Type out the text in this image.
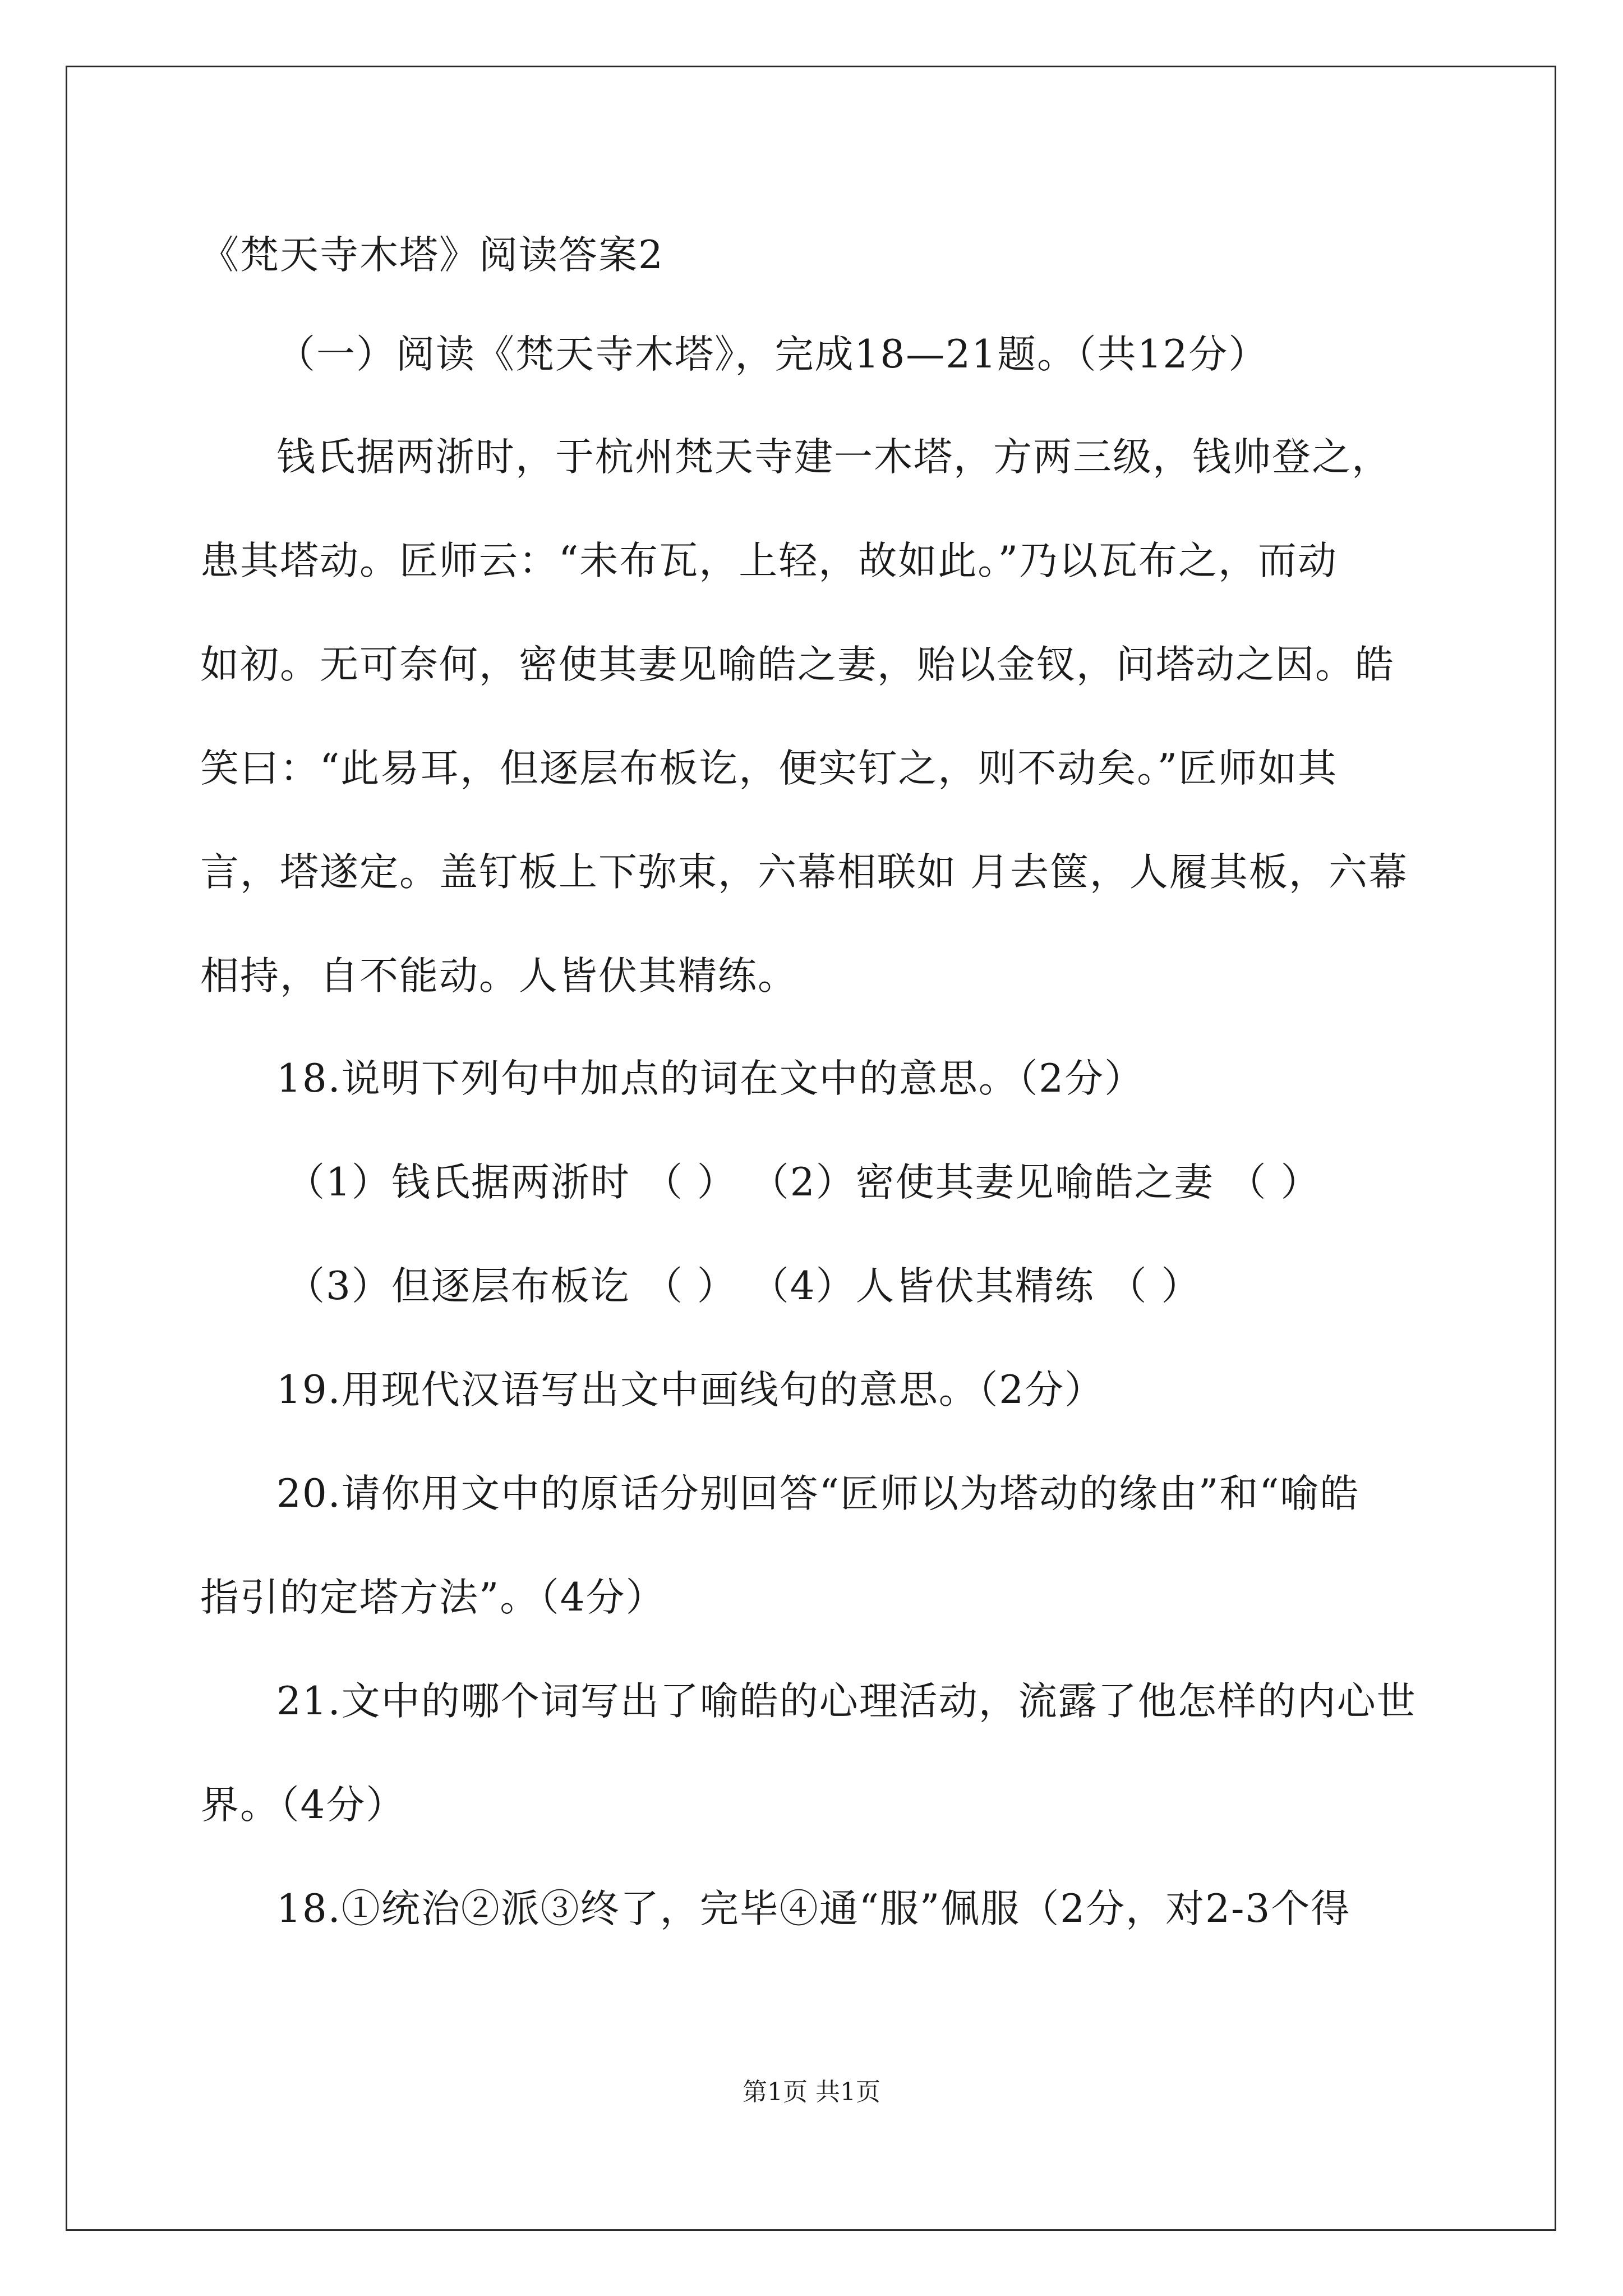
《梵天寺木塔》阅读答案2
（一）阅读《梵天寺木塔》，完成18—21题。（共12分）
钱氏据两浙时，于杭州梵天寺建一木塔，方两三级，钱帅登之，
患其塔动。匠师云：“未布瓦，上轻，故如此。”乃以瓦布之，而动
如初。无可奈何，密使其妻见喻皓之妻，贻以金钗，问塔动之因。皓
笑曰：“此易耳，但逐层布板讫，便实钉之，则不动矣。”匠师如其
言，塔遂定。盖钉板上下弥束，六幕相联如 月去箧，人履其板，六幕
相持，自不能动。人皆伏其精练。
18.说明下列句中加点的词在文中的意思。（2分）
（1）钱氏据两浙时 （ ） （2）密使其妻见喻皓之妻 （ ）
（3）但逐层布板讫 （ ） （4）人皆伏其精练 （ ）
19.用现代汉语写出文中画线句的意思。（2分）
20.请你用文中的原话分别回答“匠师以为塔动的缘由”和“喻皓
指引的定塔方法”。（4分）
21.文中的哪个词写出了喻皓的心理活动，流露了他怎样的内心世
界。（4分）
18.①统治②派③终了，完毕④通“服”佩服（2分，对2-3个得
第1页 共1页
